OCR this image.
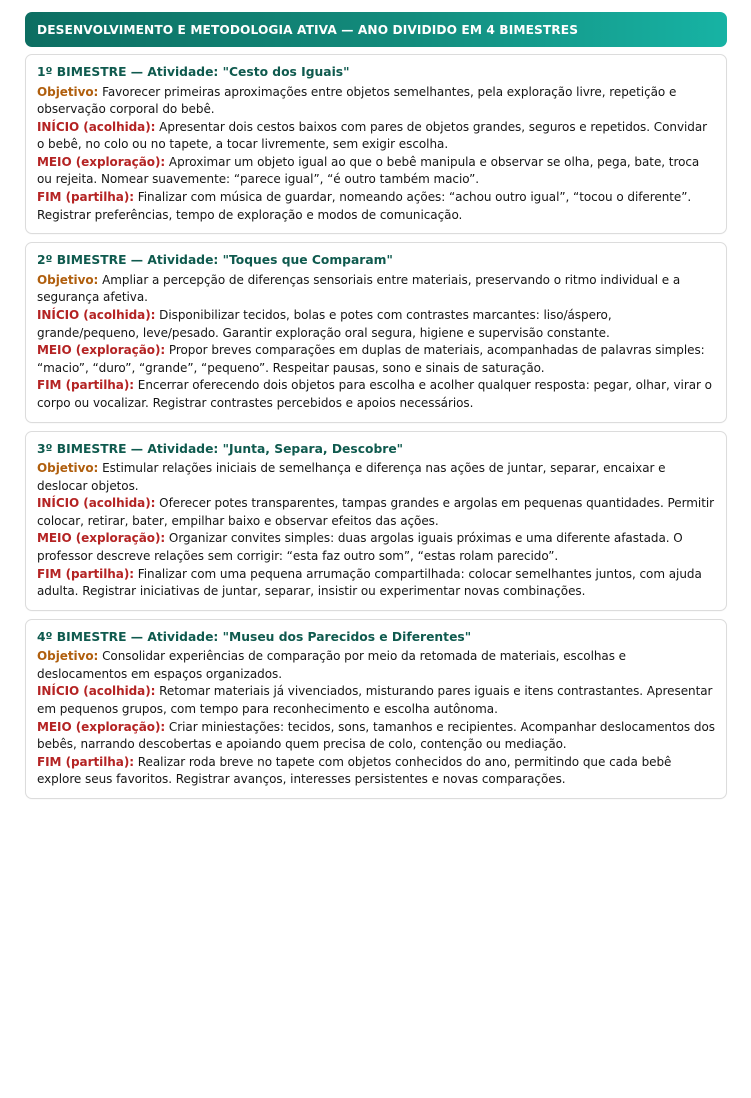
DESENVOLVIMENTO E METODOLOGIA ATIVA — ANO DIVIDIDO EM 4 BIMESTRES
1º BIMESTRE — Atividade: "Cesto dos Iguais"

Objetivo: Favorecer primeiras aproximações entre objetos semelhantes, pela exploração livre, repetição e observação corporal do bebê.

INÍCIO (acolhida): Apresentar dois cestos baixos com pares de objetos grandes, seguros e repetidos. Convidar o bebê, no colo ou no tapete, a tocar livremente, sem exigir escolha.

MEIO (exploração): Aproximar um objeto igual ao que o bebê manipula e observar se olha, pega, bate, troca ou rejeita. Nomear suavemente: “parece igual”, “é outro também macio”.

FIM (partilha): Finalizar com música de guardar, nomeando ações: “achou outro igual”, “tocou o diferente”. Registrar preferências, tempo de exploração e modos de comunicação.

2º BIMESTRE — Atividade: "Toques que Comparam"

Objetivo: Ampliar a percepção de diferenças sensoriais entre materiais, preservando o ritmo individual e a segurança afetiva.

INÍCIO (acolhida): Disponibilizar tecidos, bolas e potes com contrastes marcantes: liso/áspero, grande/pequeno, leve/pesado. Garantir exploração oral segura, higiene e supervisão constante.

MEIO (exploração): Propor breves comparações em duplas de materiais, acompanhadas de palavras simples: “macio”, “duro”, “grande”, “pequeno”. Respeitar pausas, sono e sinais de saturação.

FIM (partilha): Encerrar oferecendo dois objetos para escolha e acolher qualquer resposta: pegar, olhar, virar o corpo ou vocalizar. Registrar contrastes percebidos e apoios necessários.

3º BIMESTRE — Atividade: "Junta, Separa, Descobre"

Objetivo: Estimular relações iniciais de semelhança e diferença nas ações de juntar, separar, encaixar e deslocar objetos.

INÍCIO (acolhida): Oferecer potes transparentes, tampas grandes e argolas em pequenas quantidades. Permitir colocar, retirar, bater, empilhar baixo e observar efeitos das ações.

MEIO (exploração): Organizar convites simples: duas argolas iguais próximas e uma diferente afastada. O professor descreve relações sem corrigir: “esta faz outro som”, “estas rolam parecido”.

FIM (partilha): Finalizar com uma pequena arrumação compartilhada: colocar semelhantes juntos, com ajuda adulta. Registrar iniciativas de juntar, separar, insistir ou experimentar novas combinações.

4º BIMESTRE — Atividade: "Museu dos Parecidos e Diferentes"

Objetivo: Consolidar experiências de comparação por meio da retomada de materiais, escolhas e deslocamentos em espaços organizados.

INÍCIO (acolhida): Retomar materiais já vivenciados, misturando pares iguais e itens contrastantes. Apresentar em pequenos grupos, com tempo para reconhecimento e escolha autônoma.

MEIO (exploração): Criar miniestações: tecidos, sons, tamanhos e recipientes. Acompanhar deslocamentos dos bebês, narrando descobertas e apoiando quem precisa de colo, contenção ou mediação.

FIM (partilha): Realizar roda breve no tapete com objetos conhecidos do ano, permitindo que cada bebê explore seus favoritos. Registrar avanços, interesses persistentes e novas comparações.
